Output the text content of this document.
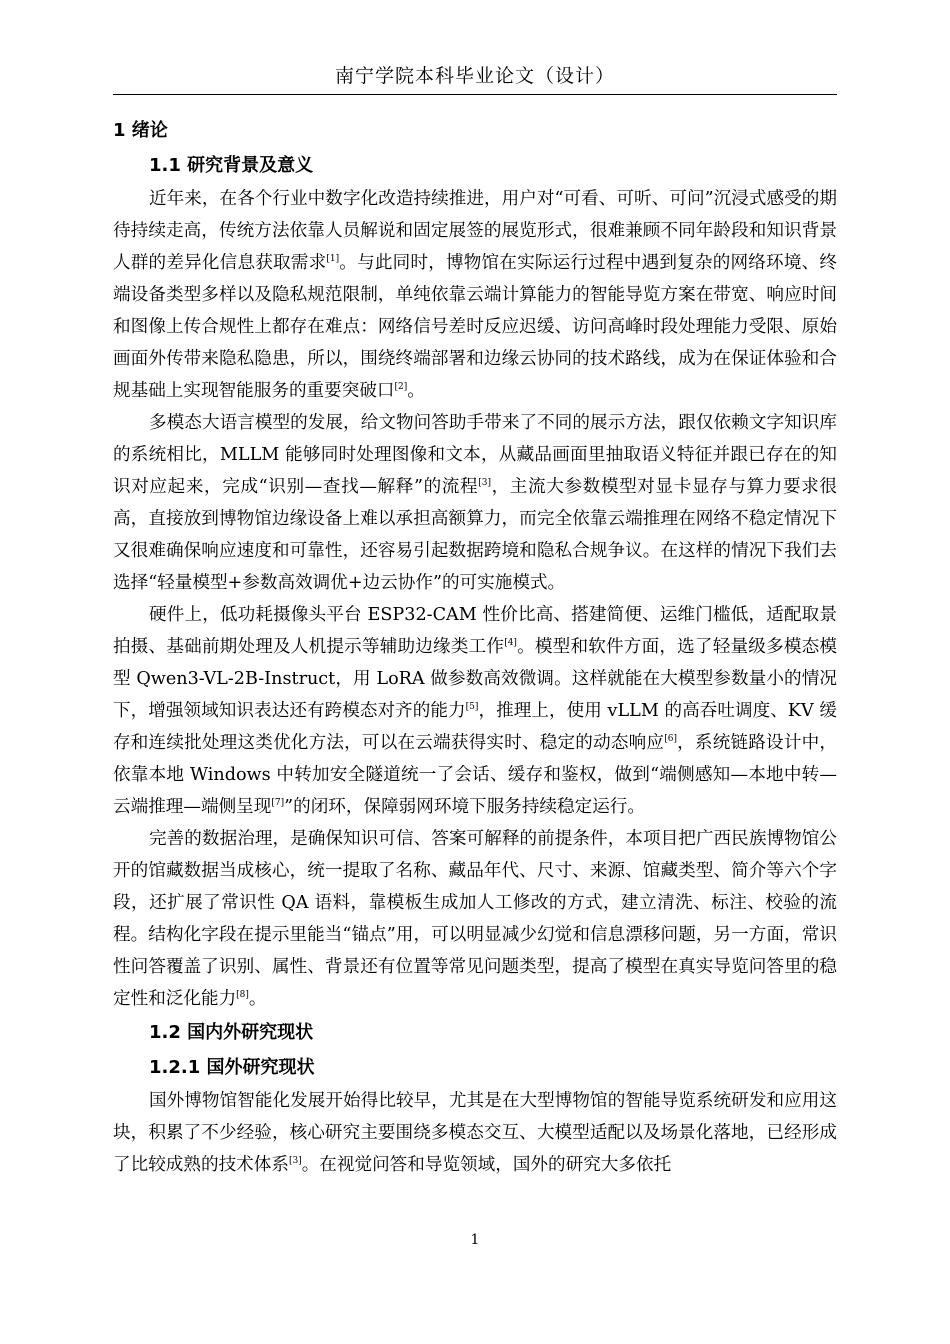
南宁学院本科毕业论文（设计）

1 绪论

1.1 研究背景及意义

近年来，在各个行业中数字化改造持续推进，用户对“可看、可听、可问”沉浸式感受的期待持续走高，传统方法依靠人员解说和固定展签的展览形式，很难兼顾不同年龄段和知识背景人群的差异化信息获取需求[1]。与此同时，博物馆在实际运行过程中遇到复杂的网络环境、终端设备类型多样以及隐私规范限制，单纯依靠云端计算能力的智能导览方案在带宽、响应时间和图像上传合规性上都存在难点：网络信号差时反应迟缓、访问高峰时段处理能力受限、原始画面外传带来隐私隐患，所以，围绕终端部署和边缘云协同的技术路线，成为在保证体验和合规基础上实现智能服务的重要突破口[2]。

多模态大语言模型的发展，给文物问答助手带来了不同的展示方法，跟仅依赖文字知识库的系统相比，MLLM 能够同时处理图像和文本，从藏品画面里抽取语义特征并跟已存在的知识对应起来，完成“识别—查找—解释”的流程[3]，主流大参数模型对显卡显存与算力要求很高，直接放到博物馆边缘设备上难以承担高额算力，而完全依靠云端推理在网络不稳定情况下又很难确保响应速度和可靠性，还容易引起数据跨境和隐私合规争议。在这样的情况下我们去选择“轻量模型+参数高效调优+边云协作”的可实施模式。

硬件上，低功耗摄像头平台 ESP32-CAM 性价比高、搭建简便、运维门槛低，适配取景拍摄、基础前期处理及人机提示等辅助边缘类工作[4]。模型和软件方面，选了轻量级多模态模型 Qwen3-VL-2B-Instruct，用 LoRA 做参数高效微调。这样就能在大模型参数量小的情况下，增强领域知识表达还有跨模态对齐的能力[5]，推理上，使用 vLLM 的高吞吐调度、KV 缓存和连续批处理这类优化方法，可以在云端获得实时、稳定的动态响应[6]，系统链路设计中，依靠本地 Windows 中转加安全隧道统一了会话、缓存和鉴权，做到“端侧感知—本地中转—云端推理—端侧呈现[7]”的闭环，保障弱网环境下服务持续稳定运行。

完善的数据治理，是确保知识可信、答案可解释的前提条件，本项目把广西民族博物馆公开的馆藏数据当成核心，统一提取了名称、藏品年代、尺寸、来源、馆藏类型、简介等六个字段，还扩展了常识性 QA 语料，靠模板生成加人工修改的方式，建立清洗、标注、校验的流程。结构化字段在提示里能当“锚点”用，可以明显减少幻觉和信息漂移问题，另一方面，常识性问答覆盖了识别、属性、背景还有位置等常见问题类型，提高了模型在真实导览问答里的稳定性和泛化能力[8]。

1.2 国内外研究现状

1.2.1 国外研究现状

国外博物馆智能化发展开始得比较早，尤其是在大型博物馆的智能导览系统研发和应用这块，积累了不少经验，核心研究主要围绕多模态交互、大模型适配以及场景化落地，已经形成了比较成熟的技术体系[3]。在视觉问答和导览领域，国外的研究大多依托

1
